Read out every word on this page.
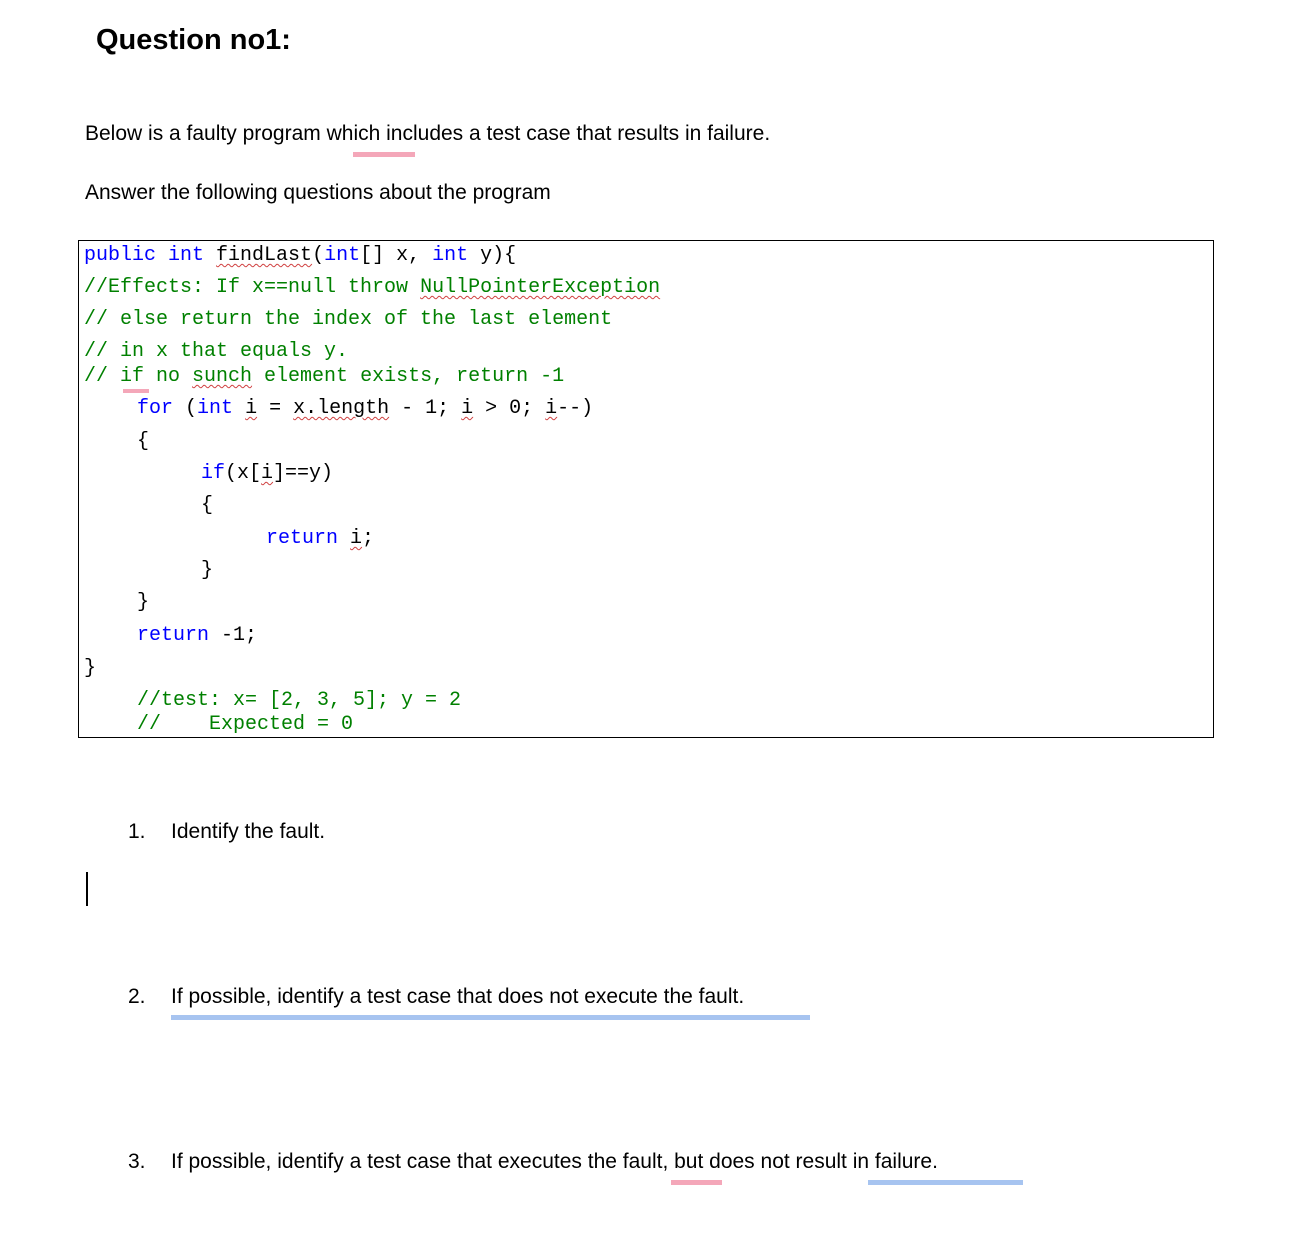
Question no1:
Below is a faulty program which includes a test case that results in failure.
Answer the following questions about the program
public int findLast(int[] x, int y){
//Effects: If x==null throw NullPointerException
// else return the index of the last element
// in x that equals y.
// if no sunch element exists, return -1
for (int i = x.length - 1; i > 0; i--)
{
if(x[i]==y)
{
return i;
}
}
return -1;
}
//test: x= [2, 3, 5]; y = 2
//    Expected = 0
1. Identify the fault.
2. If possible, identify a test case that does not execute the fault.
3. If possible, identify a test case that executes the fault, but does not result in failure.
